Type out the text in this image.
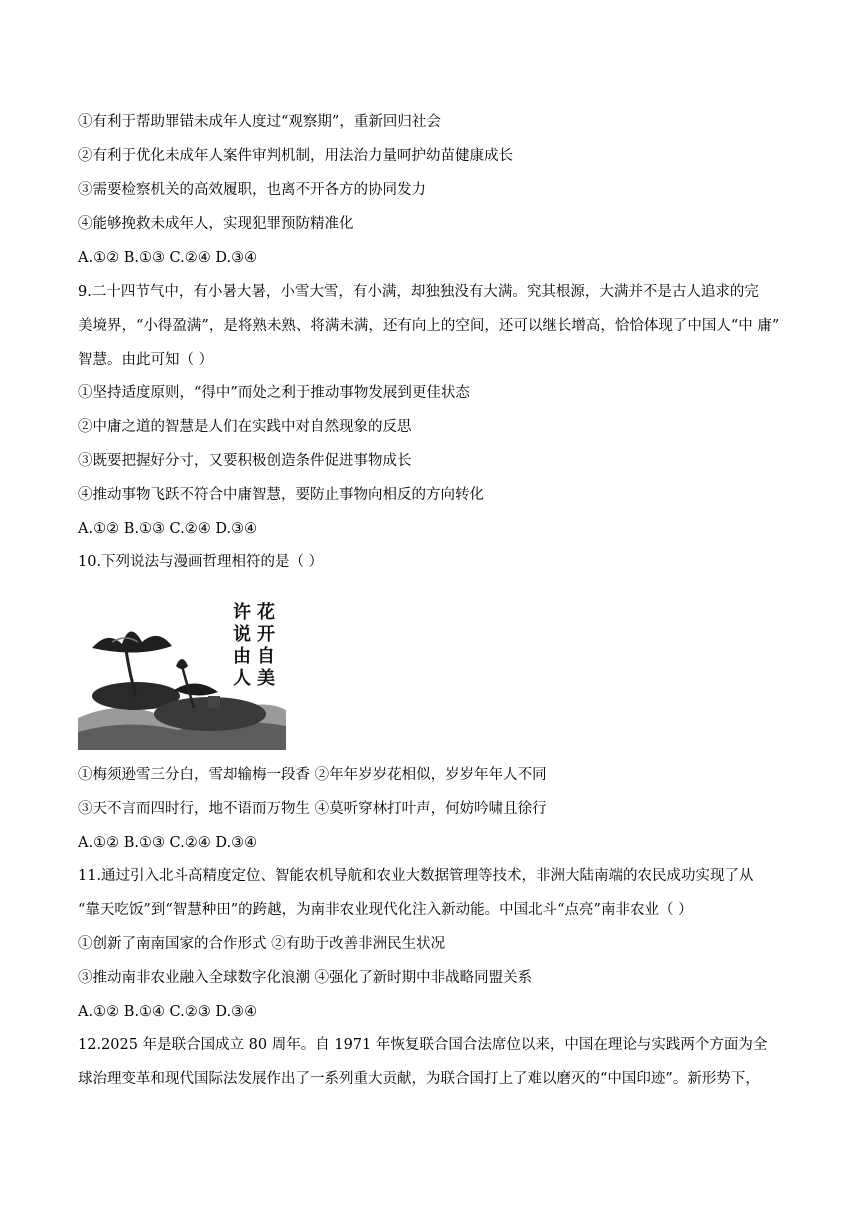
①有利于帮助罪错未成年人度过“观察期”，重新回归社会
②有利于优化未成年人案件审判机制，用法治力量呵护幼苗健康成长
③需要检察机关的高效履职，也离不开各方的协同发力
④能够挽救未成年人，实现犯罪预防精准化
A.①② B.①③ C.②④ D.③④
9.二十四节气中，有小暑大暑，小雪大雪，有小满，却独独没有大满。究其根源，大满并不是古人追求的完
美境界，“小得盈满”，是将熟未熟、将满未满，还有向上的空间，还可以继长增高，恰恰体现了中国人“中 庸”
智慧。由此可知（ ）
①坚持适度原则，“得中”而处之利于推动事物发展到更佳状态
②中庸之道的智慧是人们在实践中对自然现象的反思
③既要把握好分寸，又要积极创造条件促进事物成长
④推动事物飞跃不符合中庸智慧，要防止事物向相反的方向转化
A.①② B.①③ C.②④ D.③④
10.下列说法与漫画哲理相符的是（ ）
花
开
自
美
许
说
由
人
①梅须逊雪三分白，雪却输梅一段香 ②年年岁岁花相似，岁岁年年人不同
③天不言而四时行，地不语而万物生 ④莫听穿林打叶声，何妨吟啸且徐行
A.①② B.①③ C.②④ D.③④
11.通过引入北斗高精度定位、智能农机导航和农业大数据管理等技术，非洲大陆南端的农民成功实现了从
“靠天吃饭”到“智慧种田”的跨越，为南非农业现代化注入新动能。中国北斗“点亮”南非农业（ ）
①创新了南南国家的合作形式 ②有助于改善非洲民生状况
③推动南非农业融入全球数字化浪潮 ④强化了新时期中非战略同盟关系
A.①② B.①④ C.②③ D.③④
12.2025 年是联合国成立 80 周年。自 1971 年恢复联合国合法席位以来，中国在理论与实践两个方面为全
球治理变革和现代国际法发展作出了一系列重大贡献，为联合国打上了难以磨灭的“中国印迹”。新形势下，
